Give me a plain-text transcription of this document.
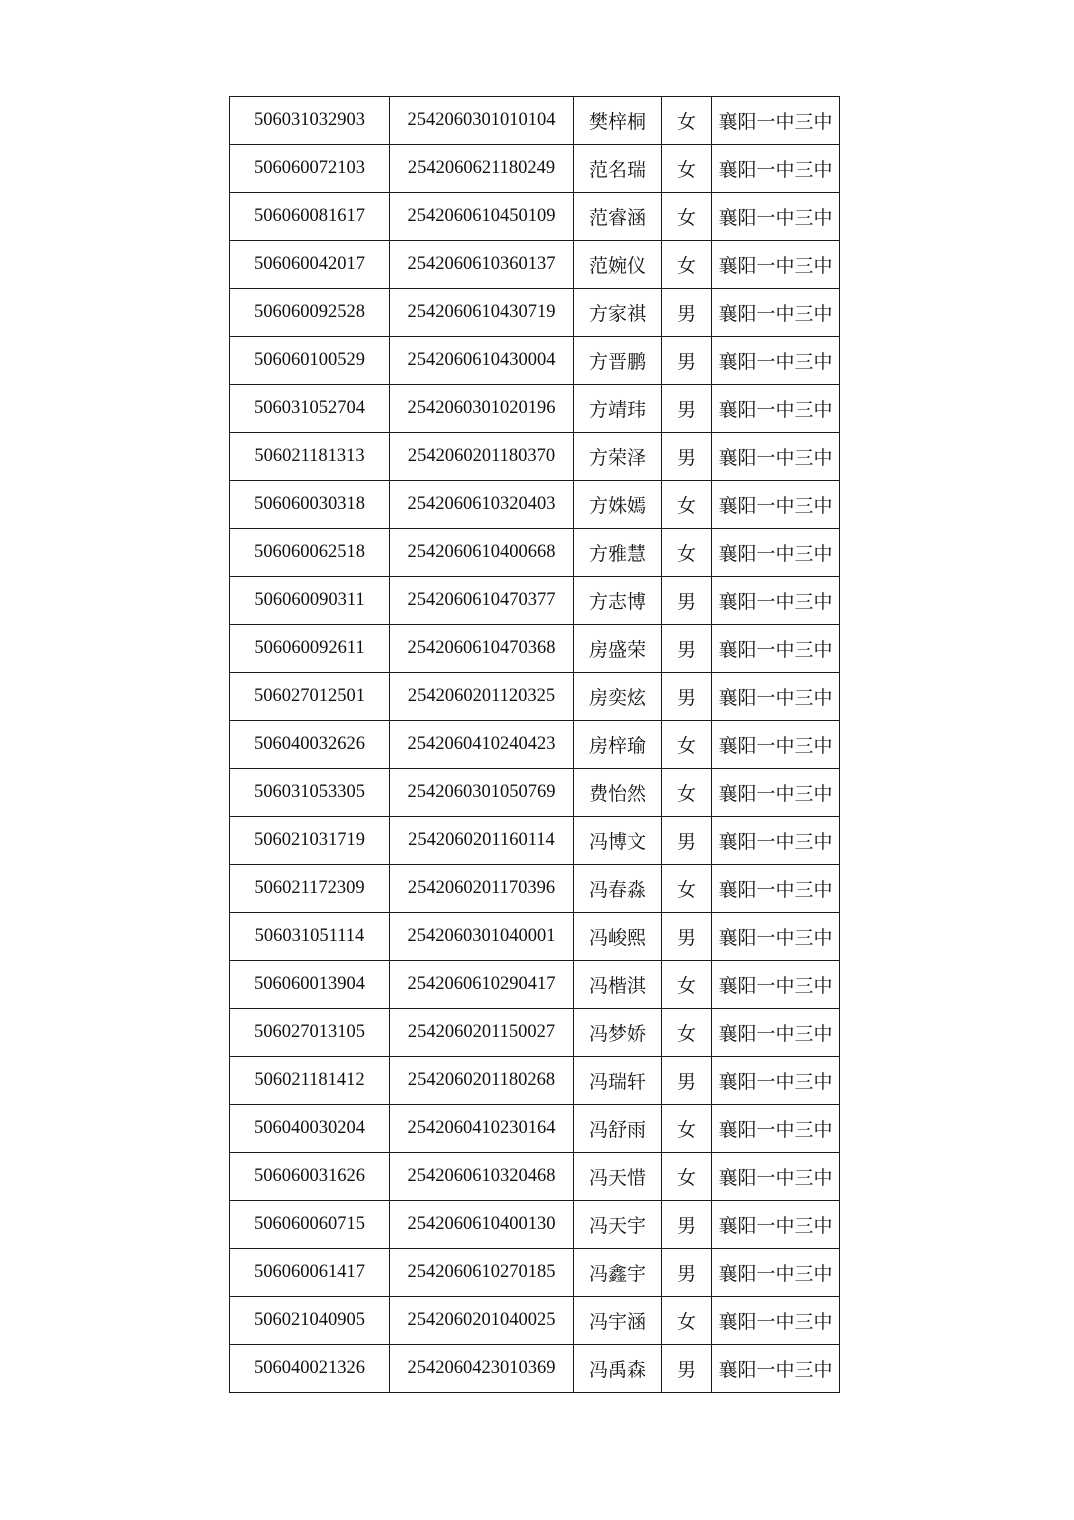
506031032903	2542060301010104	樊梓桐	女	襄阳一中三中
506060072103	2542060621180249	范名瑞	女	襄阳一中三中
506060081617	2542060610450109	范睿涵	女	襄阳一中三中
506060042017	2542060610360137	范婉仪	女	襄阳一中三中
506060092528	2542060610430719	方家祺	男	襄阳一中三中
506060100529	2542060610430004	方晋鹏	男	襄阳一中三中
506031052704	2542060301020196	方靖玮	男	襄阳一中三中
506021181313	2542060201180370	方荣泽	男	襄阳一中三中
506060030318	2542060610320403	方姝嫣	女	襄阳一中三中
506060062518	2542060610400668	方雅慧	女	襄阳一中三中
506060090311	2542060610470377	方志博	男	襄阳一中三中
506060092611	2542060610470368	房盛荣	男	襄阳一中三中
506027012501	2542060201120325	房奕炫	男	襄阳一中三中
506040032626	2542060410240423	房梓瑜	女	襄阳一中三中
506031053305	2542060301050769	费怡然	女	襄阳一中三中
506021031719	2542060201160114	冯博文	男	襄阳一中三中
506021172309	2542060201170396	冯春淼	女	襄阳一中三中
506031051114	2542060301040001	冯峻熙	男	襄阳一中三中
506060013904	2542060610290417	冯楷淇	女	襄阳一中三中
506027013105	2542060201150027	冯梦娇	女	襄阳一中三中
506021181412	2542060201180268	冯瑞轩	男	襄阳一中三中
506040030204	2542060410230164	冯舒雨	女	襄阳一中三中
506060031626	2542060610320468	冯天惜	女	襄阳一中三中
506060060715	2542060610400130	冯天宇	男	襄阳一中三中
506060061417	2542060610270185	冯鑫宇	男	襄阳一中三中
506021040905	2542060201040025	冯宇涵	女	襄阳一中三中
506040021326	2542060423010369	冯禹森	男	襄阳一中三中
